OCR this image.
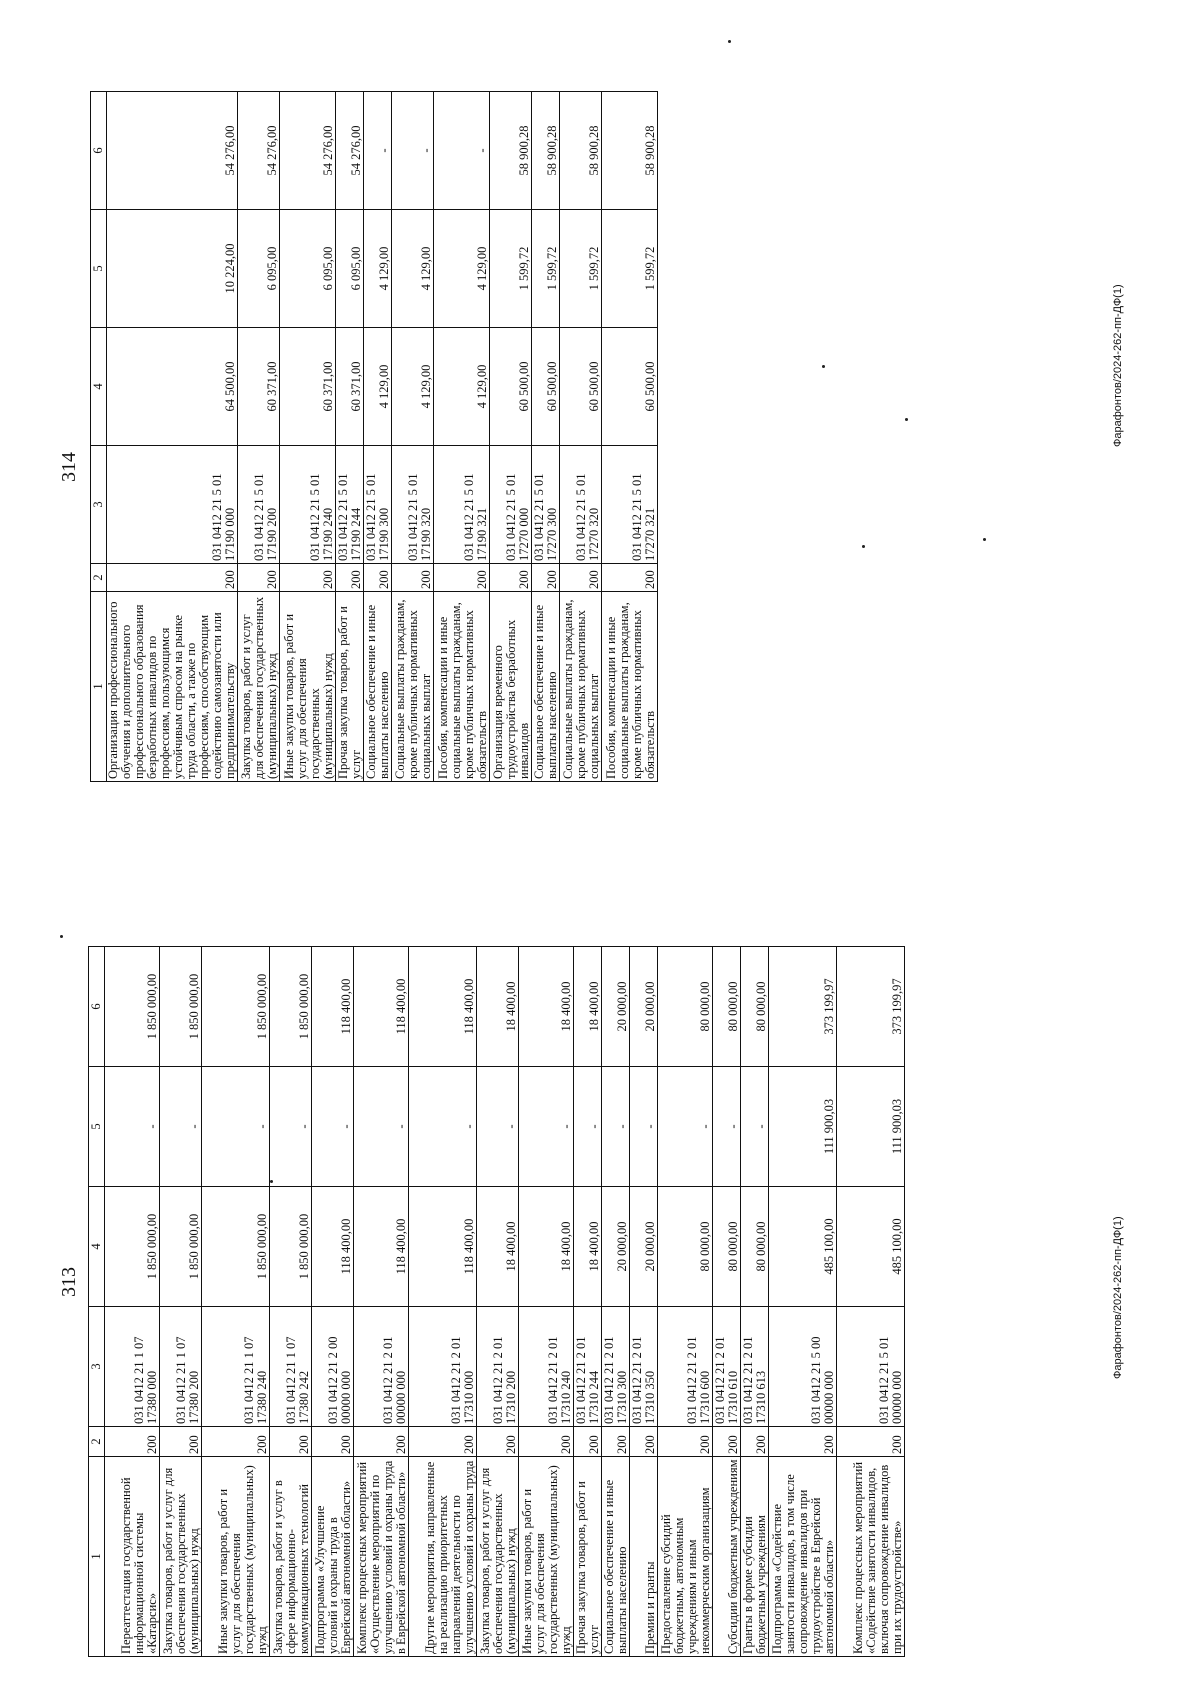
313
1	2	3	4	5	6
Переаттестация государственной информационной системы «Катарсис»	200	031 0412 21 1 07 17380 000	1 850 000,00	-	1 850 000,00
Закупка товаров, работ и услуг для обеспечения государственных (муниципальных) нужд	200	031 0412 21 1 07 17380 200	1 850 000,00	-	1 850 000,00
Иные закупки товаров, работ и услуг для обеспечения государственных (муниципальных) нужд	200	031 0412 21 1 07 17380 240	1 850 000,00	-	1 850 000,00
Закупка товаров, работ и услуг в сфере информационно-коммуникационных технологий	200	031 0412 21 1 07 17380 242	1 850 000,00	-	1 850 000,00
Подпрограмма «Улучшение условий и охраны труда в Еврейской автономной области»	200	031 0412 21 2 00 00000 000	118 400,00	-	118 400,00
Комплекс процессных мероприятий «Осуществление мероприятий по улучшению условий и охраны труда в Еврейской автономной области»	200	031 0412 21 2 01 00000 000	118 400,00	-	118 400,00
Другие мероприятия, направленные на реализацию приоритетных направлений деятельности по улучшению условий и охраны труда	200	031 0412 21 2 01 17310 000	118 400,00	-	118 400,00
Закупка товаров, работ и услуг для обеспечения государственных (муниципальных) нужд	200	031 0412 21 2 01 17310 200	18 400,00	-	18 400,00
Иные закупки товаров, работ и услуг для обеспечения государственных (муниципальных) нужд	200	031 0412 21 2 01 17310 240	18 400,00	-	18 400,00
Прочая закупка товаров, работ и услуг	200	031 0412 21 2 01 17310 244	18 400,00	-	18 400,00
Социальное обеспечение и иные выплаты населению	200	031 0412 21 2 01 17310 300	20 000,00	-	20 000,00
Премии и гранты	200	031 0412 21 2 01 17310 350	20 000,00	-	20 000,00
Предоставление субсидий бюджетным, автономным учреждениям и иным некоммерческим организациям	200	031 0412 21 2 01 17310 600	80 000,00	-	80 000,00
Субсидии бюджетным учреждениям	200	031 0412 21 2 01 17310 610	80 000,00	-	80 000,00
Гранты в форме субсидии бюджетным учреждениям	200	031 0412 21 2 01 17310 613	80 000,00	-	80 000,00
Подпрограмма «Содействие занятости инвалидов, в том числе сопровождение инвалидов при трудоустройстве в Еврейской автономной области»	200	031 0412 21 5 00 00000 000	485 100,00	111 900,03	373 199,97
Комплекс процессных мероприятий «Содействие занятости инвалидов, включая сопровождение инвалидов при их трудоустройстве»	200	031 0412 21 5 01 00000 000	485 100,00	111 900,03	373 199,97
314
1	2	3	4	5	6
Организация профессионального обучения и дополнительного профессионального образования безработных инвалидов по профессиям, пользующимся устойчивым спросом на рынке труда области, а также по профессиям, способствующим содействию самозанятости или предпринимательству	200	031 0412 21 5 01 17190 000	64 500,00	10 224,00	54 276,00
Закупка товаров, работ и услуг для обеспечения государственных (муниципальных) нужд	200	031 0412 21 5 01 17190 200	60 371,00	6 095,00	54 276,00
Иные закупки товаров, работ и услуг для обеспечения государственных (муниципальных) нужд	200	031 0412 21 5 01 17190 240	60 371,00	6 095,00	54 276,00
Прочая закупка товаров, работ и услуг	200	031 0412 21 5 01 17190 244	60 371,00	6 095,00	54 276,00
Социальное обеспечение и иные выплаты населению	200	031 0412 21 5 01 17190 300	4 129,00	4 129,00	-
Социальные выплаты гражданам, кроме публичных нормативных социальных выплат	200	031 0412 21 5 01 17190 320	4 129,00	4 129,00	-
Пособия, компенсации и иные социальные выплаты гражданам, кроме публичных нормативных обязательств	200	031 0412 21 5 01 17190 321	4 129,00	4 129,00	-
Организация временного трудоустройства безработных инвалидов	200	031 0412 21 5 01 17270 000	60 500,00	1 599,72	58 900,28
Социальное обеспечение и иные выплаты населению	200	031 0412 21 5 01 17270 300	60 500,00	1 599,72	58 900,28
Социальные выплаты гражданам, кроме публичных нормативных социальных выплат	200	031 0412 21 5 01 17270 320	60 500,00	1 599,72	58 900,28
Пособия, компенсации и иные социальные выплаты гражданам, кроме публичных нормативных обязательств	200	031 0412 21 5 01 17270 321	60 500,00	1 599,72	58 900,28
Фарафонтов/2024-262-пп-ДФ(1)
Фарафонтов/2024-262-пп-ДФ(1)
